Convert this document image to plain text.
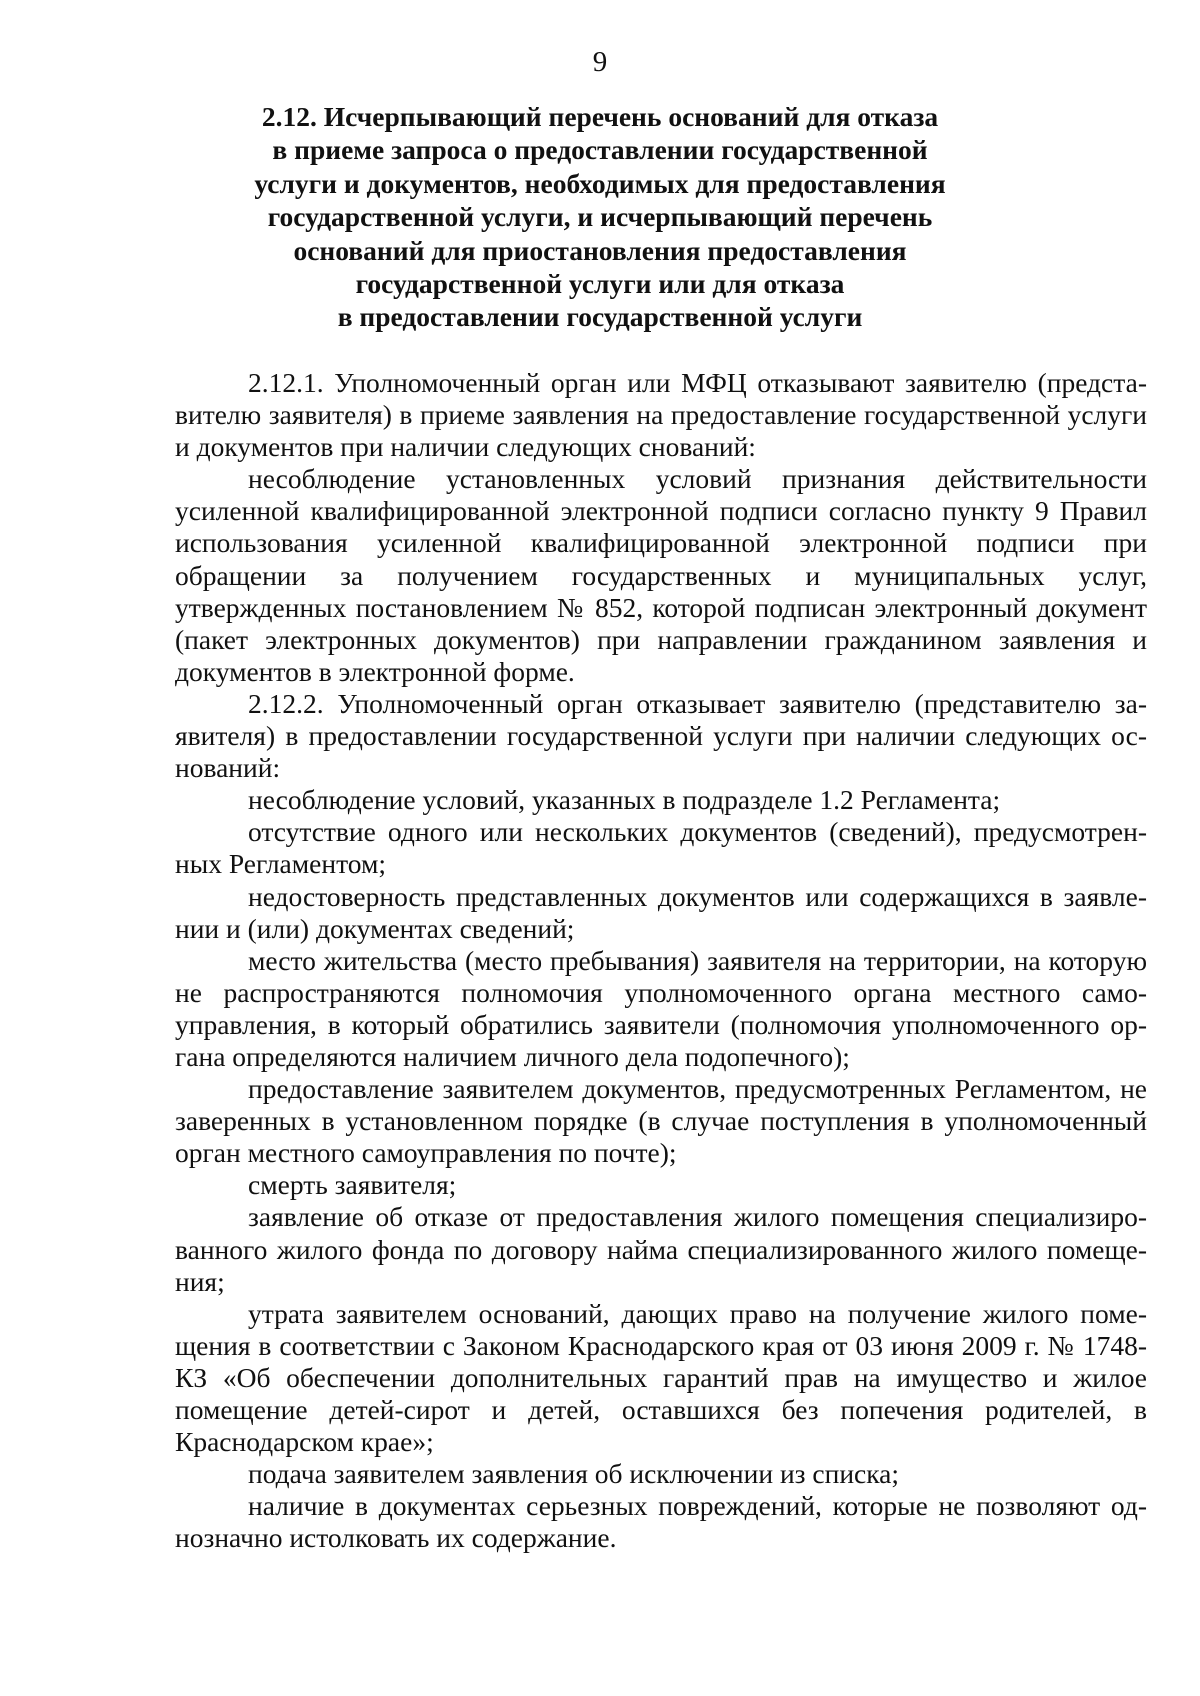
9
2.12. Исчерпывающий перечень оснований для отказа
в приеме запроса о предоставлении государственной
услуги и документов, необходимых для предоставления
государственной услуги, и исчерпывающий перечень
оснований для приостановления предоставления
государственной услуги или для отказа
в предоставлении государственной услуги

2.12.1. Уполномоченный орган или МФЦ отказывают заявителю (представителю заявителя) в приеме заявления на предоставление государственной услуги и документов при наличии следующих снований:

несоблюдение установленных условий признания действительности усиленной квалифицированной электронной подписи согласно пункту 9 Правил использования усиленной квалифицированной электронной подписи при обращении за получением государственных и муниципальных услуг, утвержденных постановлением № 852, которой подписан электронный документ (пакет электронных документов) при направлении гражданином заявления и документов в электронной форме.

2.12.2. Уполномоченный орган отказывает заявителю (представителю заявителя) в предоставлении государственной услуги при наличии следующих оснований:

несоблюдение условий, указанных в подразделе 1.2 Регламента;

отсутствие одного или нескольких документов (сведений), предусмотренных Регламентом;

недостоверность представленных документов или содержащихся в заявлении и (или) документах сведений;

место жительства (место пребывания) заявителя на территории, на которую не распространяются полномочия уполномоченного органа местного самоуправления, в который обратились заявители (полномочия уполномоченного органа определяются наличием личного дела подопечного);

предоставление заявителем документов, предусмотренных Регламентом, не заверенных в установленном порядке (в случае поступления в уполномоченный орган местного самоуправления по почте);

смерть заявителя;

заявление об отказе от предоставления жилого помещения специализированного жилого фонда по договору найма специализированного жилого помещения;

утрата заявителем оснований, дающих право на получение жилого помещения в соответствии с Законом Краснодарского края от 03 июня 2009 г. № 1748-КЗ «Об обеспечении дополнительных гарантий прав на имущество и жилое помещение детей-сирот и детей, оставшихся без попечения родителей, в Краснодарском крае»;

подача заявителем заявления об исключении из списка;

наличие в документах серьезных повреждений, которые не позволяют однозначно истолковать их содержание.
